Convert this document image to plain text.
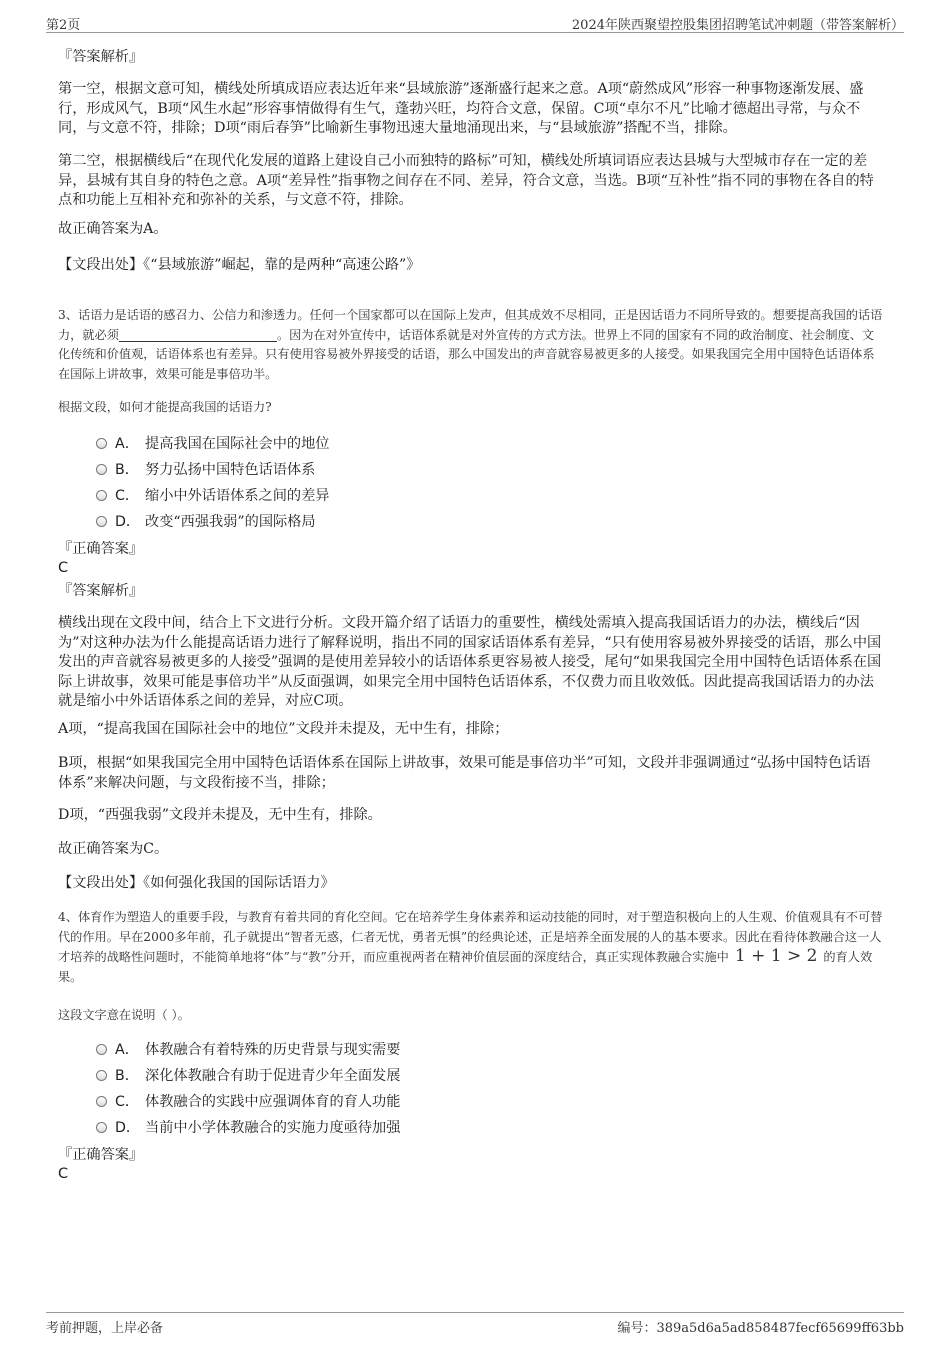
第2页	2024年陕西聚望控股集团招聘笔试冲刺题（带答案解析）
『答案解析』

第一空，根据文意可知，横线处所填成语应表达近年来“县域旅游”逐渐盛行起来之意。A项“蔚然成风”形容一种事物逐渐发展、盛行，形成风气，B项“风生水起”形容事情做得有生气，蓬勃兴旺，均符合文意，保留。C项“卓尔不凡”比喻才德超出寻常，与众不同，与文意不符，排除；D项“雨后春笋”比喻新生事物迅速大量地涌现出来，与“县域旅游”搭配不当，排除。

第二空，根据横线后“在现代化发展的道路上建设自己小而独特的路标”可知，横线处所填词语应表达县城与大型城市存在一定的差异，县城有其自身的特色之意。A项“差异性”指事物之间存在不同、差异，符合文意，当选。B项“互补性”指不同的事物在各自的特点和功能上互相补充和弥补的关系，与文意不符，排除。

故正确答案为A。

【文段出处】《“县域旅游”崛起，靠的是两种“高速公路”》

3、话语力是话语的感召力、公信力和渗透力。任何一个国家都可以在国际上发声，但其成效不尽相同，正是因话语力不同所导致的。想要提高我国的话语力，就必须	。因为在对外宣传中，话语体系就是对外宣传的方式方法。世界上不同的国家有不同的政治制度、社会制度、文化传统和价值观，话语体系也有差异。只有使用容易被外界接受的话语，那么中国发出的声音就容易被更多的人接受。如果我国完全用中国特色话语体系在国际上讲故事，效果可能是事倍功半。

根据文段，如何才能提高我国的话语力?

A． 提高我国在国际社会中的地位
B． 努力弘扬中国特色话语体系
C． 缩小中外话语体系之间的差异
D． 改变“西强我弱”的国际格局
『正确答案』
C
『答案解析』

横线出现在文段中间，结合上下文进行分析。文段开篇介绍了话语力的重要性，横线处需填入提高我国话语力的办法，横线后“因为”对这种办法为什么能提高话语力进行了解释说明，指出不同的国家话语体系有差异，“只有使用容易被外界接受的话语，那么中国发出的声音就容易被更多的人接受”强调的是使用差异较小的话语体系更容易被人接受，尾句“如果我国完全用中国特色话语体系在国际上讲故事，效果可能是事倍功半”从反面强调，如果完全用中国特色话语体系，不仅费力而且收效低。因此提高我国话语力的办法就是缩小中外话语体系之间的差异，对应C项。

A项，“提高我国在国际社会中的地位”文段并未提及，无中生有，排除；

B项，根据“如果我国完全用中国特色话语体系在国际上讲故事，效果可能是事倍功半”可知，文段并非强调通过“弘扬中国特色话语体系”来解决问题，与文段衔接不当，排除；

D项，“西强我弱”文段并未提及，无中生有，排除。

故正确答案为C。

【文段出处】《如何强化我国的国际话语力》

4、体育作为塑造人的重要手段，与教育有着共同的育化空间。它在培养学生身体素养和运动技能的同时，对于塑造积极向上的人生观、价值观具有不可替代的作用。早在2000多年前，孔子就提出“智者无惑，仁者无忧，勇者无惧”的经典论述，正是培养全面发展的人的基本要求。因此在看待体教融合这一人才培养的战略性问题时，不能简单地将“体”与“教”分开，而应重视两者在精神价值层面的深度结合，真正实现体教融合实施中 1 + 1 > 2 的育人效果。

这段文字意在说明（ ）。

A． 体教融合有着特殊的历史背景与现实需要
B． 深化体教融合有助于促进青少年全面发展
C． 体教融合的实践中应强调体育的育人功能
D． 当前中小学体教融合的实施力度亟待加强
『正确答案』
C
考前押题，上岸必备	编号：389a5d6a5ad858487fecf65699ff63bb
